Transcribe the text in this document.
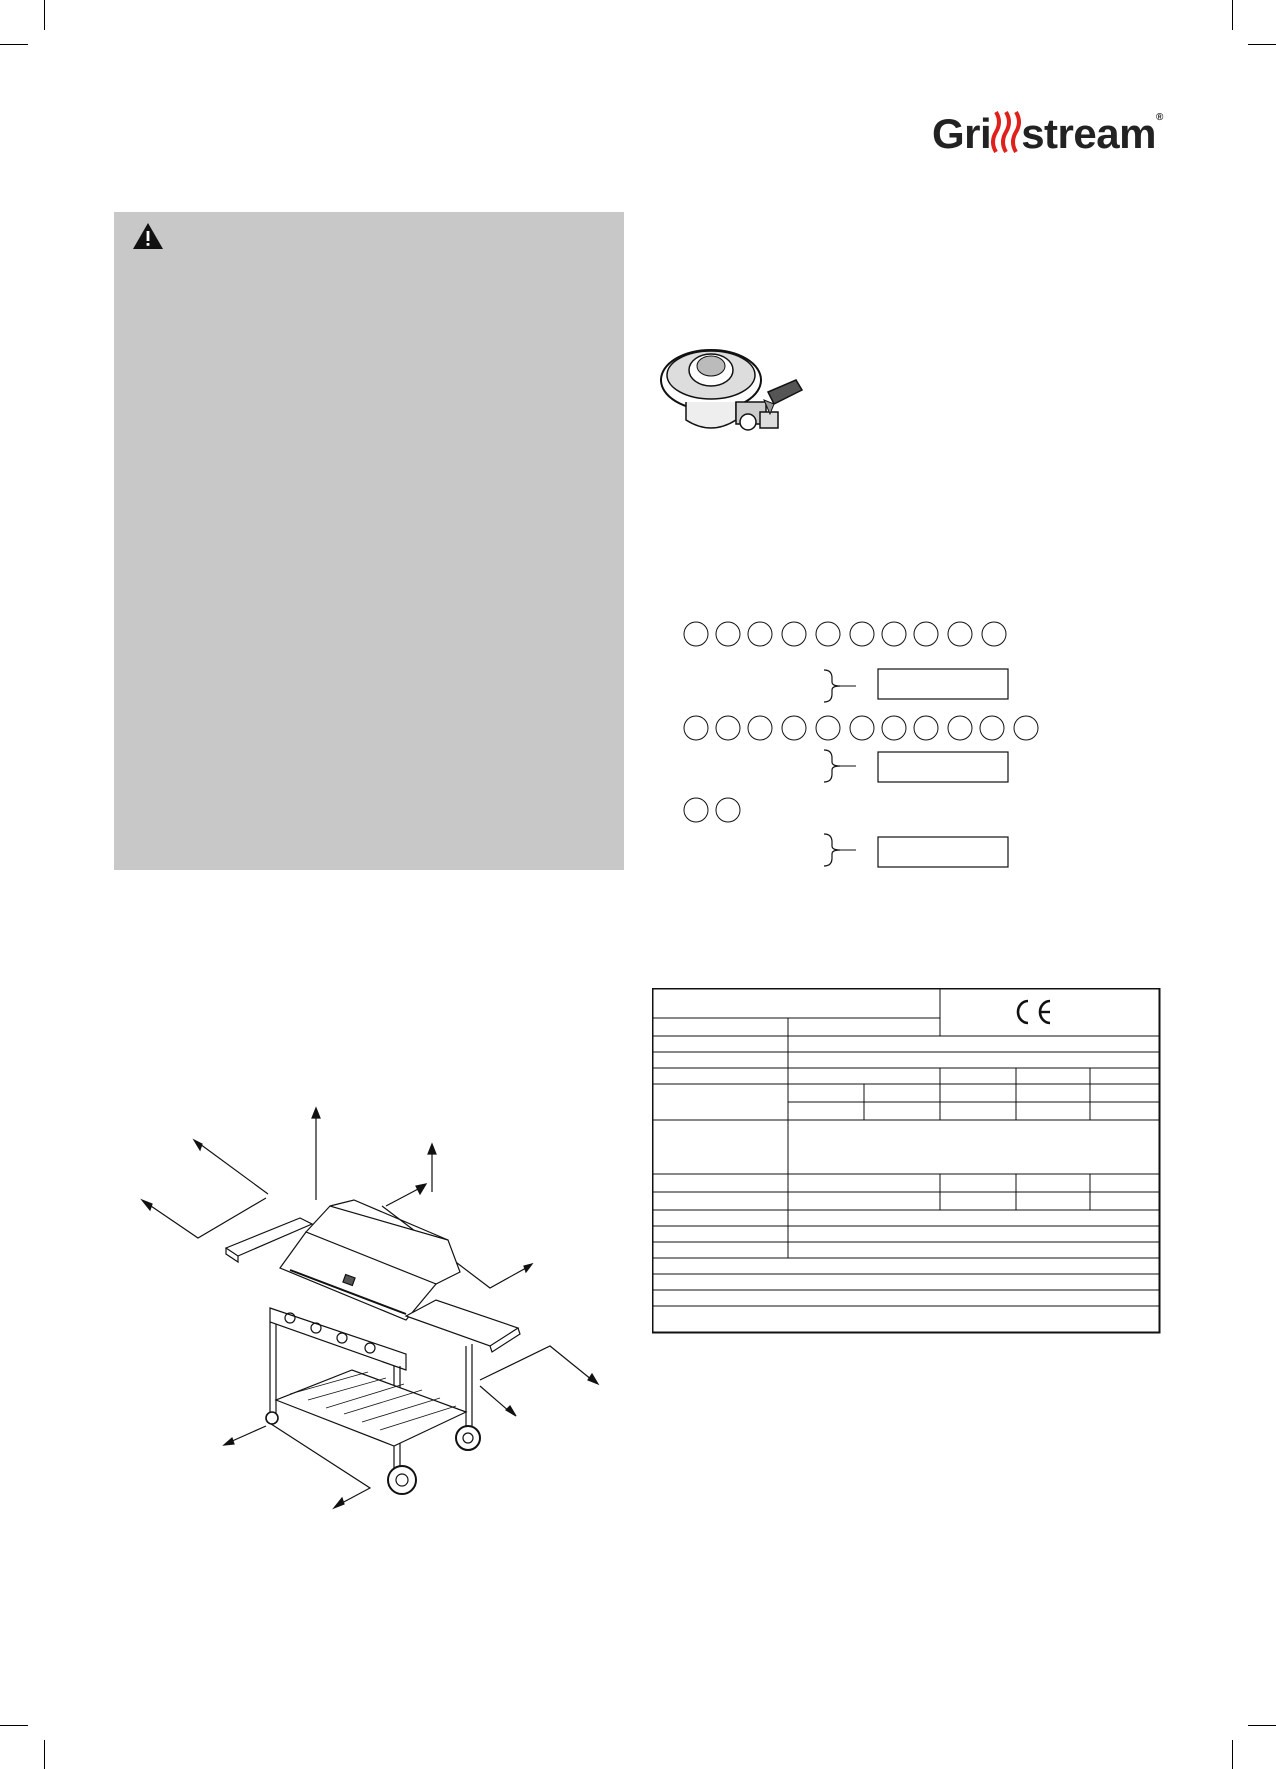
Gri stream®
